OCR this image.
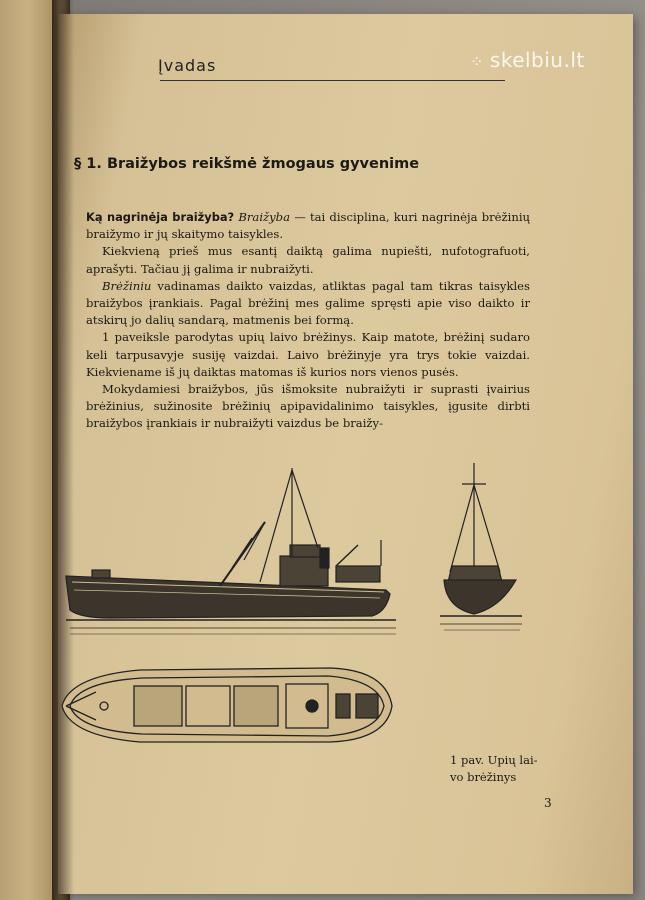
⁘ skelbiu.lt
Įvadas
§ 1. Braižybos reikšmė žmogaus gyvenime

Ką nagrinėja braižyba? Braižyba — tai disciplina, kuri nagrinėja brėžinių braižymo ir jų skaitymo taisykles.

Kiekvieną prieš mus esantį daiktą galima nupiešti, nufotografuoti, aprašyti. Tačiau jį galima ir nubraižyti.

Brėžiniu vadinamas daikto vaizdas, atliktas pagal tam tikras taisykles braižybos įrankiais. Pagal brėžinį mes galime spręsti apie viso daikto ir atskirų jo dalių sandarą, matmenis bei formą.

1 paveiksle parodytas upių laivo brėžinys. Kaip matote, brėžinį sudaro keli tarpusavyje susiję vaizdai. Laivo brėžinyje yra trys tokie vaizdai. Kiekviename iš jų daiktas matomas iš kurios nors vienos pusės.

Mokydamiesi braižybos, jūs išmoksite nubraižyti ir suprasti įvairius brėžinius, sužinosite brėžinių apipavidalinimo taisykles, įgusite dirbti braižybos įrankiais ir nubraižyti vaizdus be braižy-

1 pav. Upių lai-
vo brėžinys
3
